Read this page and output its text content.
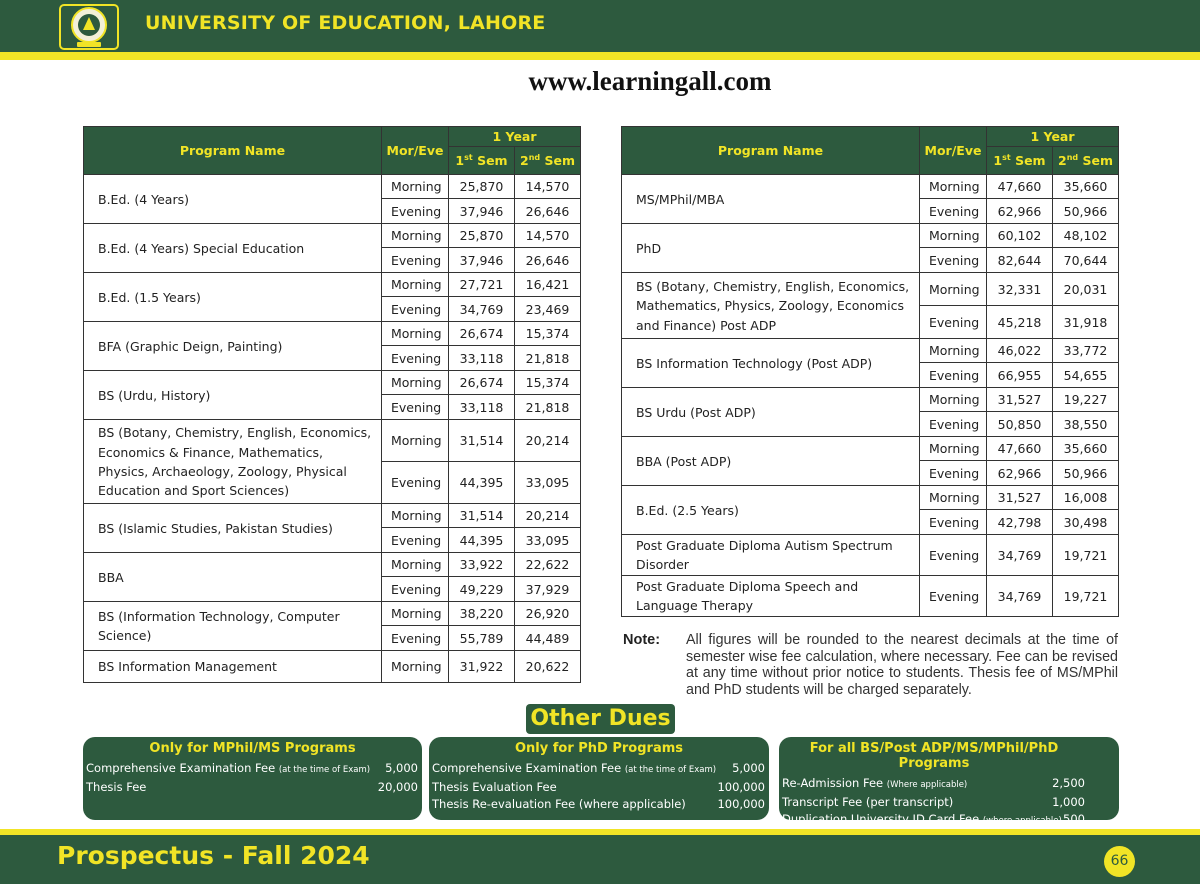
UNIVERSITY OF EDUCATION, LAHORE
www.learningall.com
Program Name	Mor/Eve	1 Year	
		1st Sem	2nd Sem
B.Ed. (4 Years)	Morning	25,870	14,570
	Evening	37,946	26,646
B.Ed. (4 Years) Special Education	Morning	25,870	14,570
	Evening	37,946	26,646
B.Ed. (1.5 Years)	Morning	27,721	16,421
	Evening	34,769	23,469
BFA (Graphic Deign, Painting)	Morning	26,674	15,374
	Evening	33,118	21,818
BS (Urdu, History)	Morning	26,674	15,374
	Evening	33,118	21,818
BS (Botany, Chemistry, English, Economics, Economics & Finance, Mathematics, Physics, Archaeology, Zoology, Physical Education and Sport Sciences)	Morning	31,514	20,214
	Evening	44,395	33,095
BS (Islamic Studies, Pakistan Studies)	Morning	31,514	20,214
	Evening	44,395	33,095
BBA	Morning	33,922	22,622
	Evening	49,229	37,929
BS (Information Technology, Computer Science)	Morning	38,220	26,920
	Evening	55,789	44,489
BS Information Management	Morning	31,922	20,622
Program Name	Mor/Eve	1 Year	
		1st Sem	2nd Sem
MS/MPhil/MBA	Morning	47,660	35,660
	Evening	62,966	50,966
PhD	Morning	60,102	48,102
	Evening	82,644	70,644
BS (Botany, Chemistry, English, Economics, Mathematics, Physics, Zoology, Economics and Finance) Post ADP	Morning	32,331	20,031
	Evening	45,218	31,918
BS Information Technology (Post ADP)	Morning	46,022	33,772
	Evening	66,955	54,655
BS Urdu (Post ADP)	Morning	31,527	19,227
	Evening	50,850	38,550
BBA (Post ADP)	Morning	47,660	35,660
	Evening	62,966	50,966
B.Ed. (2.5 Years)	Morning	31,527	16,008
	Evening	42,798	30,498
Post Graduate Diploma Autism Spectrum Disorder	Evening	34,769	19,721
Post Graduate Diploma Speech and Language Therapy	Evening	34,769	19,721
Note: All figures will be rounded to the nearest decimals at the time of semester wise fee calculation, where necessary. Fee can be revised at any time without prior notice to students. Thesis fee of MS/MPhil and PhD students will be charged separately.
Other Dues
Only for MPhil/MS Programs
Comprehensive Examination Fee (at the time of Exam) 5,000
Thesis Fee	20,000
Only for PhD Programs
Comprehensive Examination Fee (at the time of Exam) 5,000
Thesis Evaluation Fee	100,000
Thesis Re-evaluation Fee (where applicable)	100,000
For all BS/Post ADP/MS/MPhil/PhD Programs
Re-Admission Fee (Where applicable)	2,500
Transcript Fee (per transcript)	1,000
Duplication University ID Card Fee (where applicable) 500
Prospectus - Fall 2024	66
